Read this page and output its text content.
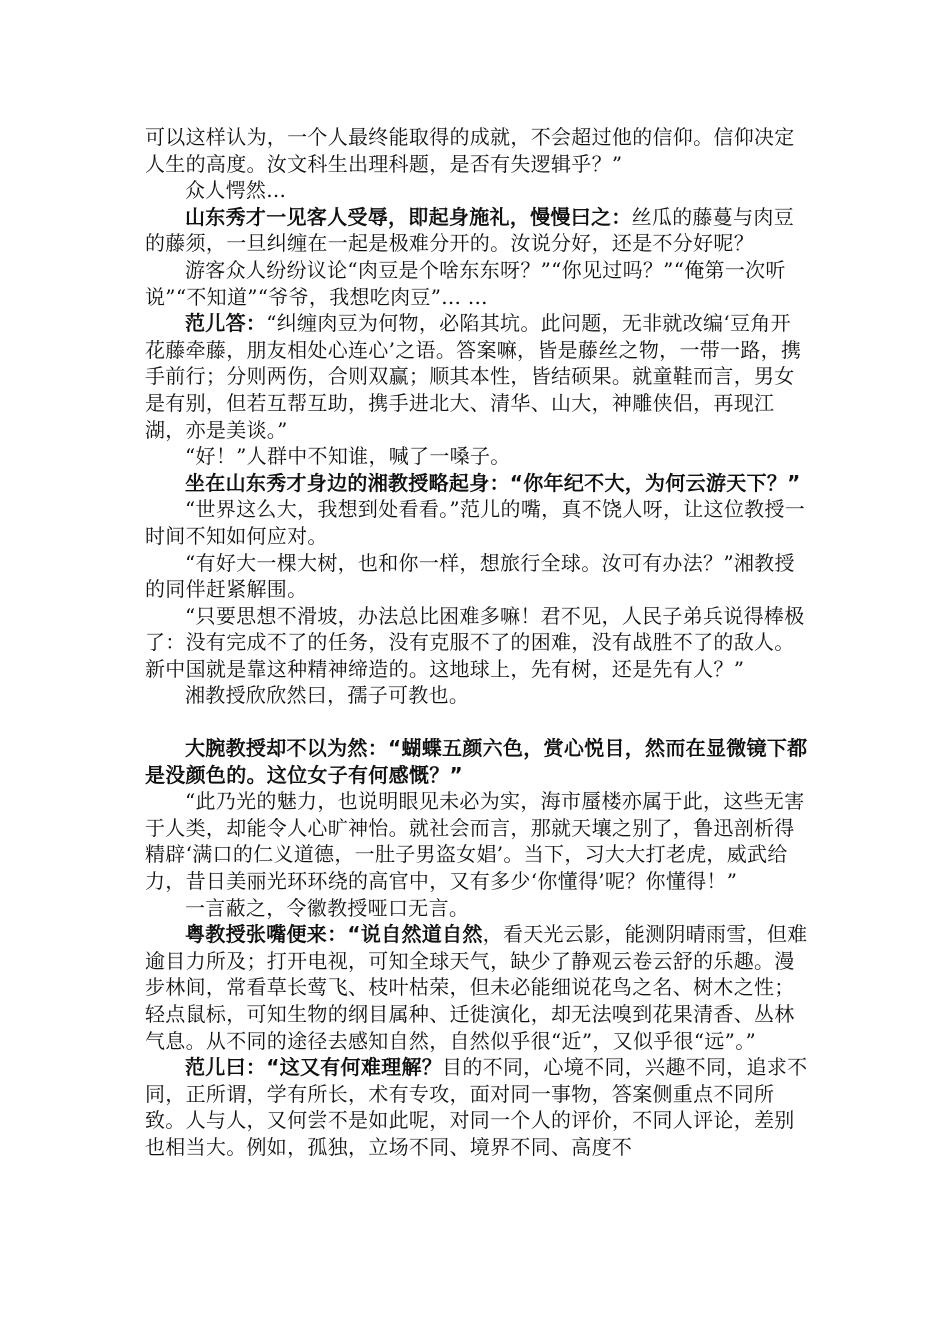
可以这样认为，一个人最终能取得的成就，不会超过他的信仰。信仰决定人生的高度。汝文科生出理科题，是否有失逻辑乎？”

众人愕然...

山东秀才一见客人受辱，即起身施礼，慢慢曰之：丝瓜的藤蔓与肉豆的藤须，一旦纠缠在一起是极难分开的。汝说分好，还是不分好呢？

游客众人纷纷议论“肉豆是个啥东东呀？”“你见过吗？”“俺第一次听说”“不知道”“爷爷，我想吃肉豆”... ...

范儿答：“纠缠肉豆为何物，必陷其坑。此问题，无非就改编‘豆角开花藤牵藤，朋友相处心连心’之语。答案嘛，皆是藤丝之物，一带一路，携手前行；分则两伤，合则双赢；顺其本性，皆结硕果。就童鞋而言，男女是有别，但若互帮互助，携手进北大、清华、山大，神雕侠侣，再现江湖，亦是美谈。”

“好！”人群中不知谁，喊了一嗓子。

坐在山东秀才身边的湘教授略起身：“你年纪不大，为何云游天下？”

“世界这么大，我想到处看看。”范儿的嘴，真不饶人呀，让这位教授一时间不知如何应对。

“有好大一棵大树，也和你一样，想旅行全球。汝可有办法？”湘教授的同伴赶紧解围。

“只要思想不滑坡，办法总比困难多嘛！君不见，人民子弟兵说得棒极了：没有完成不了的任务，没有克服不了的困难，没有战胜不了的敌人。新中国就是靠这种精神缔造的。这地球上，先有树，还是先有人？”

湘教授欣欣然曰，孺子可教也。

大腕教授却不以为然：“蝴蝶五颜六色，赏心悦目，然而在显微镜下都是没颜色的。这位女子有何感慨？”

“此乃光的魅力，也说明眼见未必为实，海市蜃楼亦属于此，这些无害于人类，却能令人心旷神怡。就社会而言，那就天壤之别了，鲁迅剖析得精辟‘满口的仁义道德，一肚子男盗女娼’。当下，习大大打老虎，威武给力，昔日美丽光环环绕的高官中，又有多少‘你懂得’呢？你懂得！”

一言蔽之，令徽教授哑口无言。

粤教授张嘴便来：“说自然道自然，看天光云影，能测阴晴雨雪，但难逾目力所及；打开电视，可知全球天气，缺少了静观云卷云舒的乐趣。漫步林间，常看草长莺飞、枝叶枯荣，但未必能细说花鸟之名、树木之性；轻点鼠标，可知生物的纲目属种、迁徙演化，却无法嗅到花果清香、丛林气息。从不同的途径去感知自然，自然似乎很“近”，又似乎很“远”。”

范儿曰：“这又有何难理解？目的不同，心境不同，兴趣不同，追求不同，正所谓，学有所长，术有专攻，面对同一事物，答案侧重点不同所致。人与人，又何尝不是如此呢，对同一个人的评价，不同人评论，差别也相当大。例如，孤独，立场不同、境界不同、高度不
